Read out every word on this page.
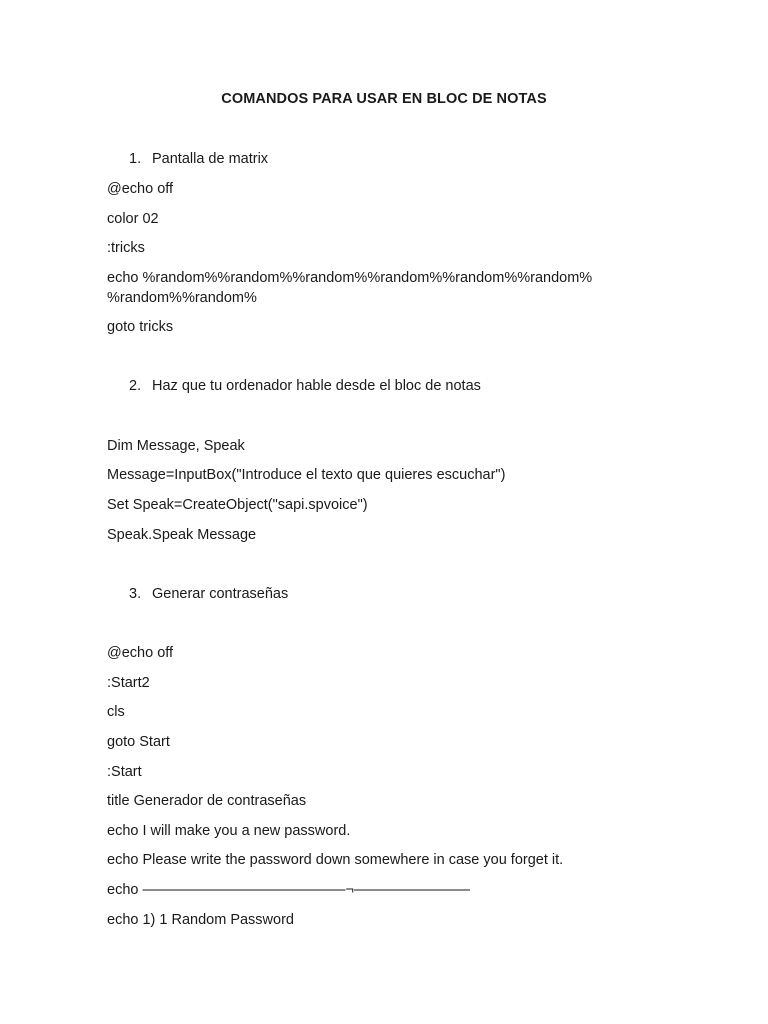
COMANDOS PARA USAR EN BLOC DE NOTAS
1. Pantalla de matrix
@echo off
color 02
:tricks
echo %random%%random%%random%%random%%random%%random%
%random%%random%
goto tricks
2. Haz que tu ordenador hable desde el bloc de notas
Dim Message, Speak
Message=InputBox("Introduce el texto que quieres escuchar")
Set Speak=CreateObject("sapi.spvoice")
Speak.Speak Message
3. Generar contraseñas
@echo off
:Start2
cls
goto Start
:Start
title Generador de contraseñas
echo I will make you a new password.
echo Please write the password down somewhere in case you forget it.
echo ——————————————¬————————
echo 1) 1 Random Password
